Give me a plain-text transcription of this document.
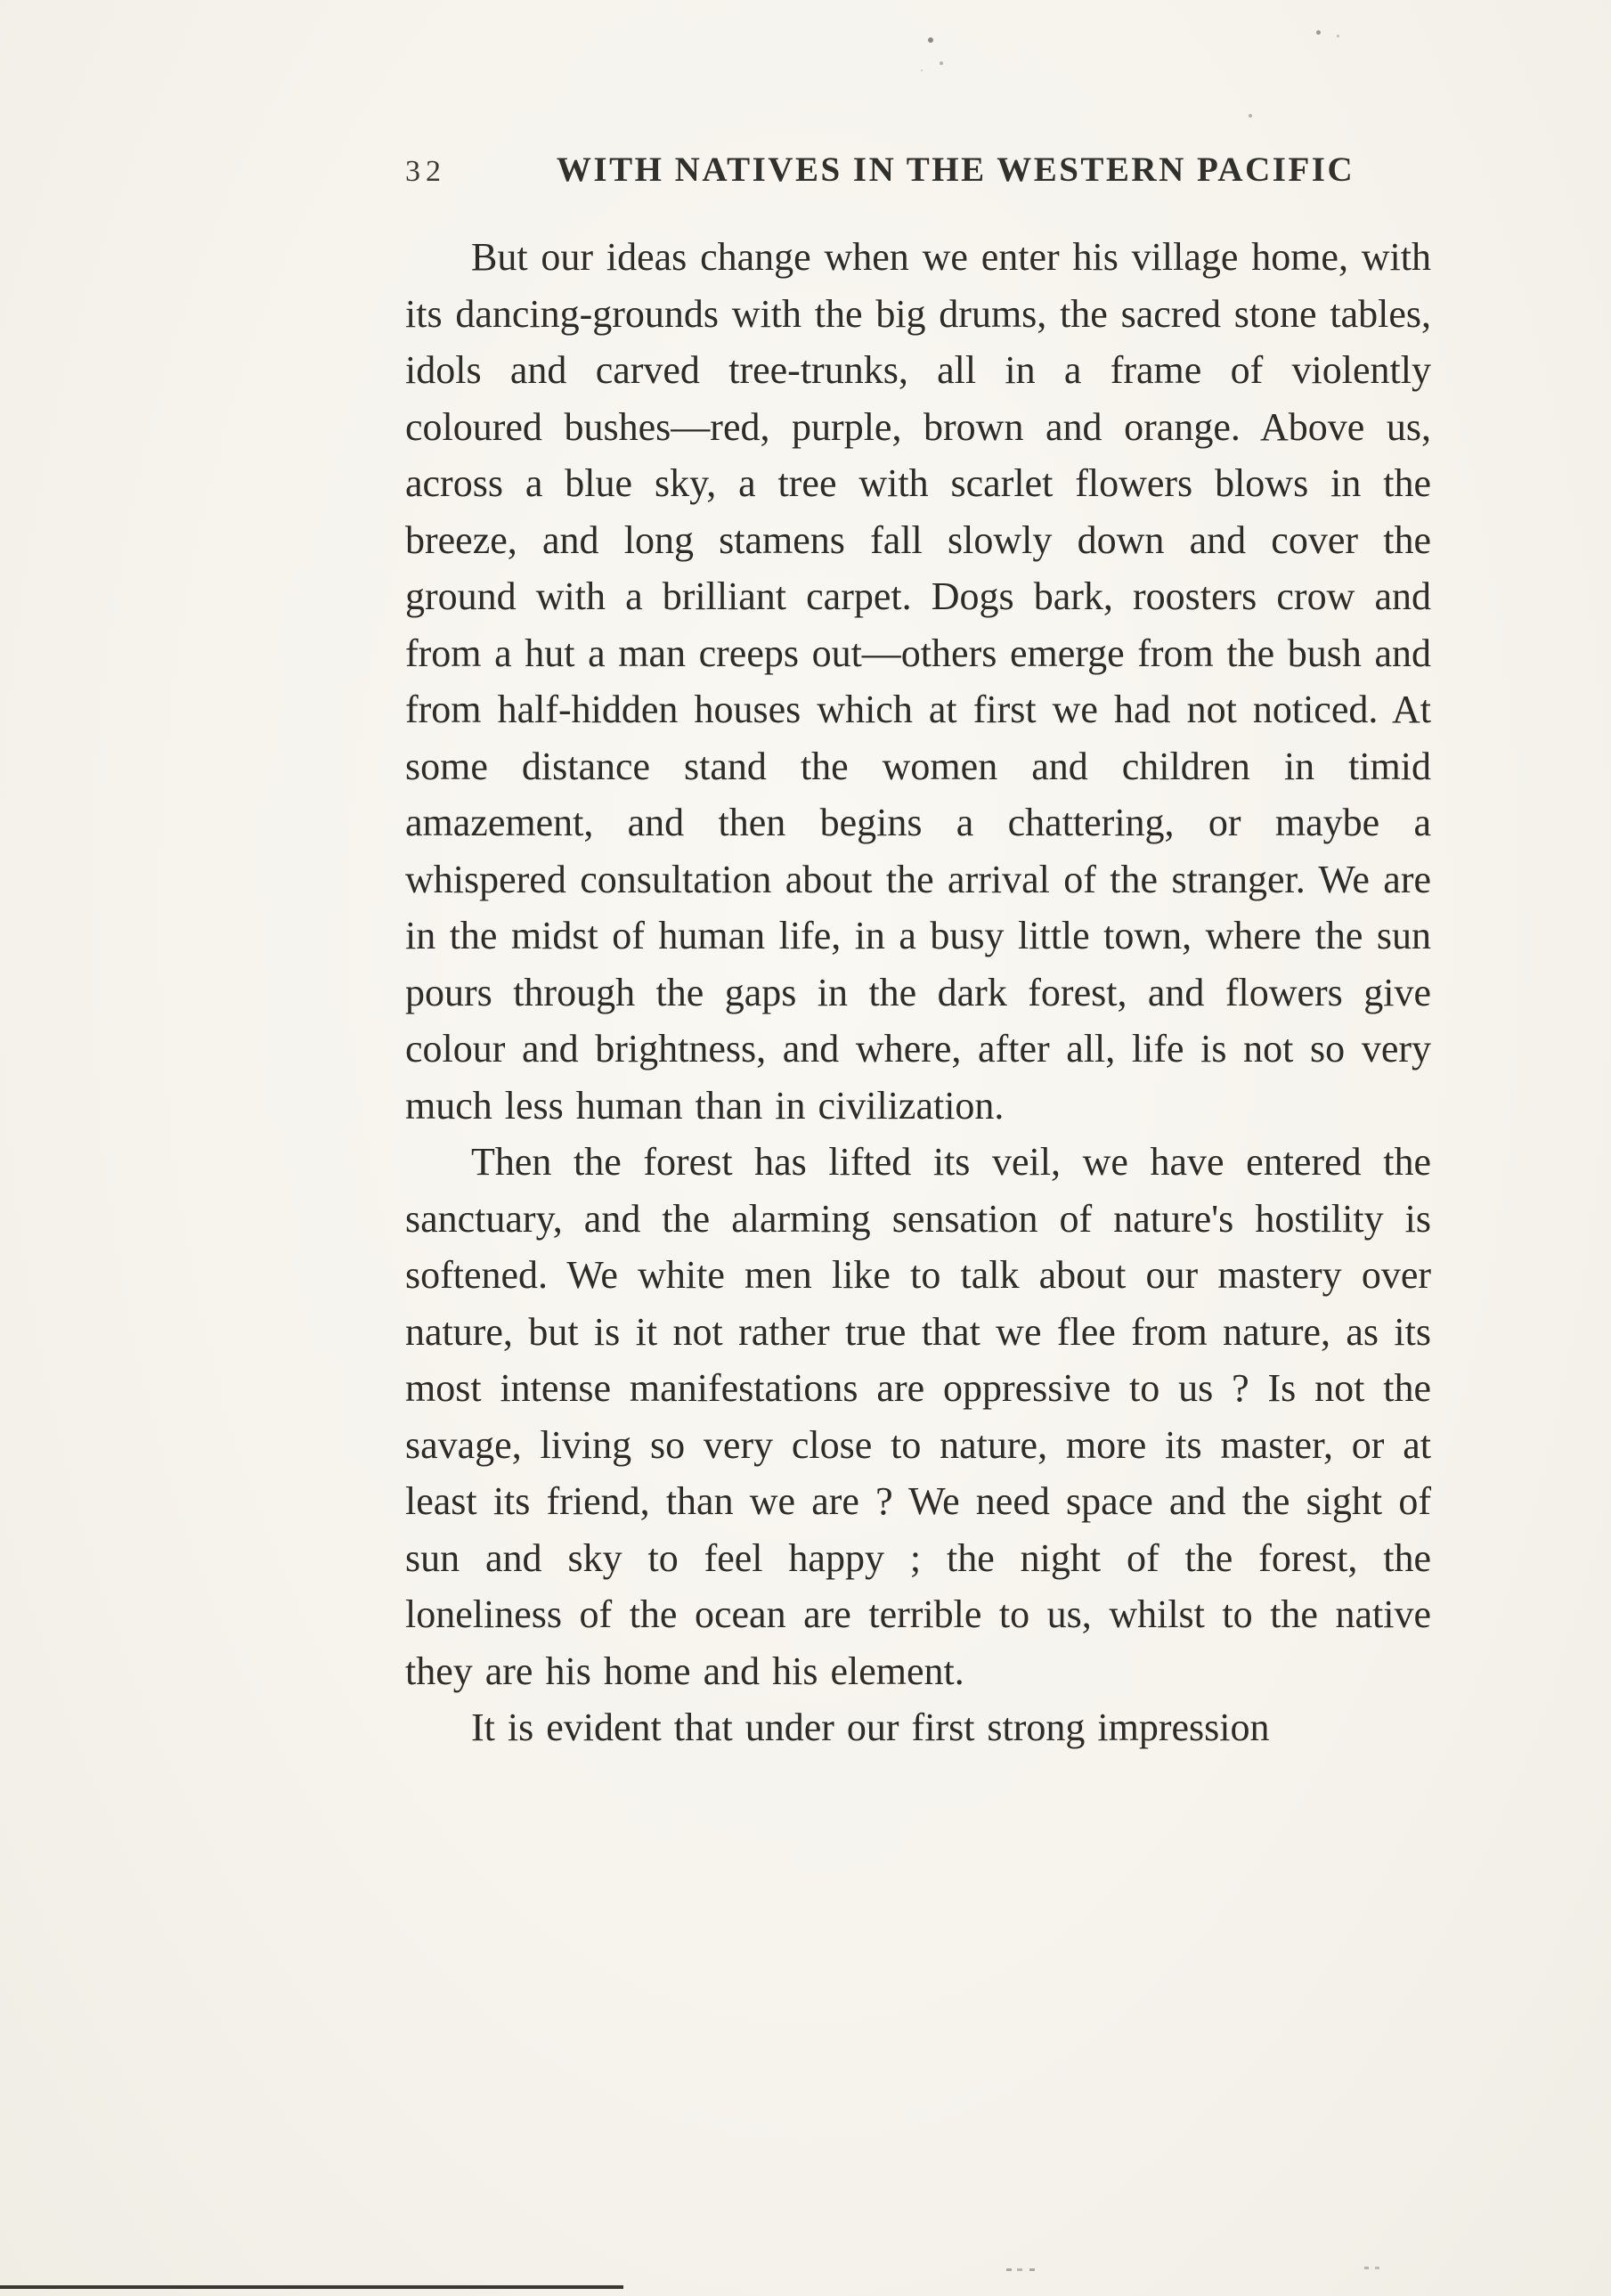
32	WITH NATIVES IN THE WESTERN PACIFIC

But our ideas change when we enter his village home, with its dancing-grounds with the big drums, the sacred stone tables, idols and carved tree-trunks, all in a frame of violently coloured bushes—red, purple, brown and orange. Above us, across a blue sky, a tree with scarlet flowers blows in the breeze, and long stamens fall slowly down and cover the ground with a brilliant carpet. Dogs bark, roosters crow and from a hut a man creeps out—others emerge from the bush and from half-hidden houses which at first we had not noticed. At some distance stand the women and children in timid amazement, and then begins a chattering, or maybe a whispered consultation about the arrival of the stranger. We are in the midst of human life, in a busy little town, where the sun pours through the gaps in the dark forest, and flowers give colour and brightness, and where, after all, life is not so very much less human than in civilization.

Then the forest has lifted its veil, we have entered the sanctuary, and the alarming sensation of nature's hostility is softened. We white men like to talk about our mastery over nature, but is it not rather true that we flee from nature, as its most intense manifestations are oppressive to us ? Is not the savage, living so very close to nature, more its master, or at least its friend, than we are ? We need space and the sight of sun and sky to feel happy ; the night of the forest, the loneliness of the ocean are terrible to us, whilst to the native they are his home and his element.

It is evident that under our first strong impression
